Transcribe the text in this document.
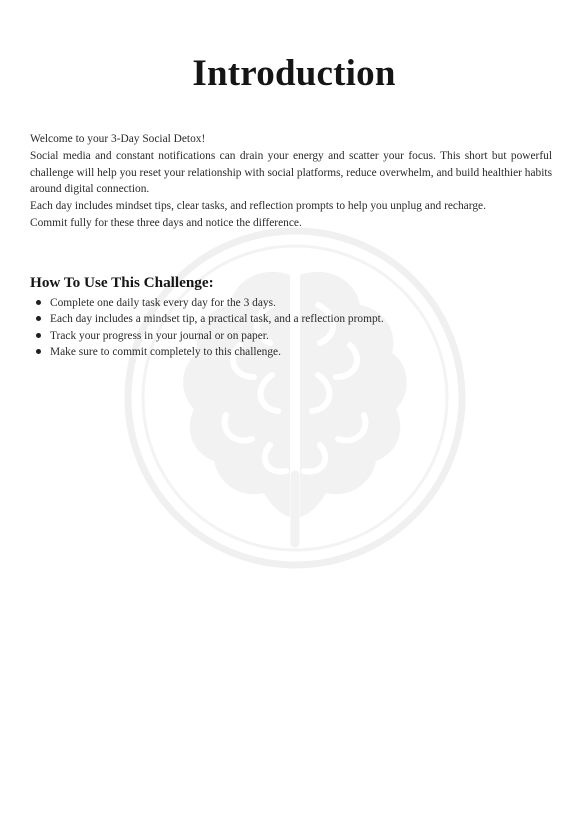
Introduction

Welcome to your 3-Day Social Detox!

Social media and constant notifications can drain your energy and scatter your focus. This short but powerful challenge will help you reset your relationship with social platforms, reduce overwhelm, and build healthier habits around digital connection.

Each day includes mindset tips, clear tasks, and reflection prompts to help you unplug and recharge.

Commit fully for these three days and notice the difference.

How To Use This Challenge:
Complete one daily task every day for the 3 days.
Each day includes a mindset tip, a practical task, and a reflection prompt.
Track your progress in your journal or on paper.
Make sure to commit completely to this challenge.
